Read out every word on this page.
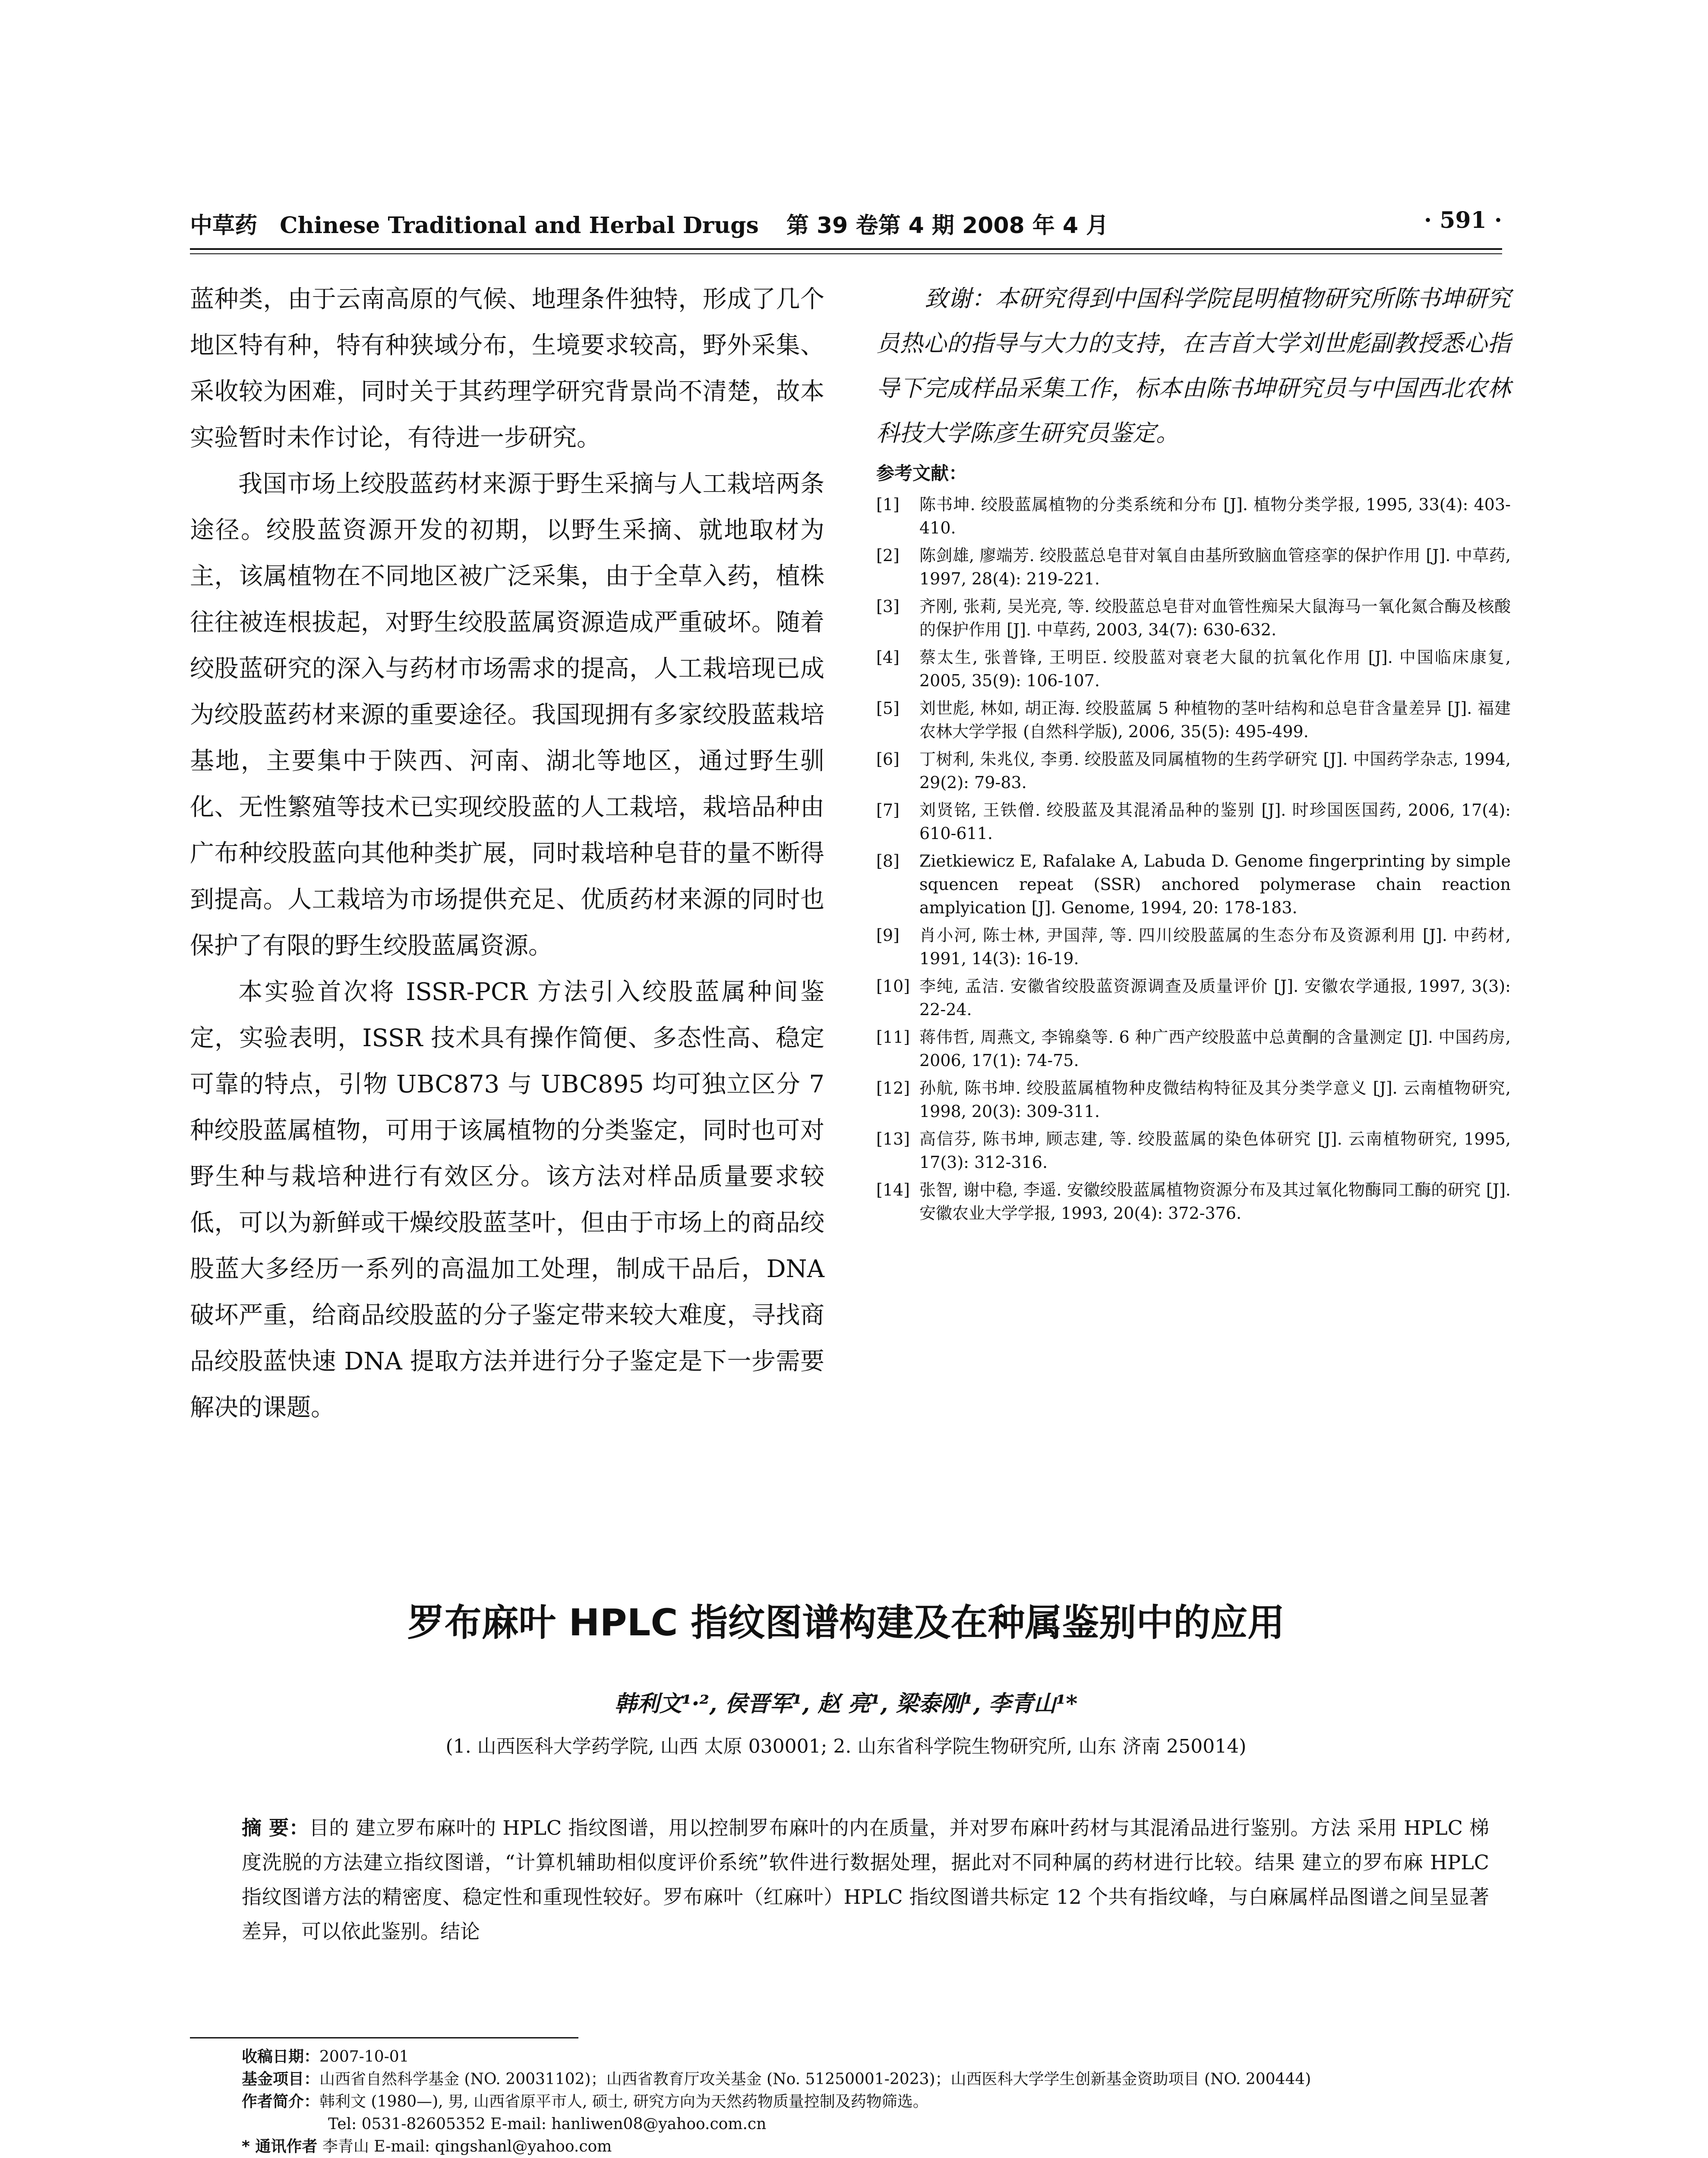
中草药 Chinese Traditional and Herbal Drugs 第 39 卷第 4 期 2008 年 4 月	· 591 ·

蓝种类，由于云南高原的气候、地理条件独特，形成了几个地区特有种，特有种狭域分布，生境要求较高，野外采集、采收较为困难，同时关于其药理学研究背景尚不清楚，故本实验暂时未作讨论，有待进一步研究。

我国市场上绞股蓝药材来源于野生采摘与人工栽培两条途径。绞股蓝资源开发的初期，以野生采摘、就地取材为主，该属植物在不同地区被广泛采集，由于全草入药，植株往往被连根拔起，对野生绞股蓝属资源造成严重破坏。随着绞股蓝研究的深入与药材市场需求的提高，人工栽培现已成为绞股蓝药材来源的重要途径。我国现拥有多家绞股蓝栽培基地，主要集中于陕西、河南、湖北等地区，通过野生驯化、无性繁殖等技术已实现绞股蓝的人工栽培，栽培品种由广布种绞股蓝向其他种类扩展，同时栽培种皂苷的量不断得到提高。人工栽培为市场提供充足、优质药材来源的同时也保护了有限的野生绞股蓝属资源。

本实验首次将 ISSR-PCR 方法引入绞股蓝属种间鉴定，实验表明，ISSR 技术具有操作简便、多态性高、稳定可靠的特点，引物 UBC873 与 UBC895 均可独立区分 7 种绞股蓝属植物，可用于该属植物的分类鉴定，同时也可对野生种与栽培种进行有效区分。该方法对样品质量要求较低，可以为新鲜或干燥绞股蓝茎叶，但由于市场上的商品绞股蓝大多经历一系列的高温加工处理，制成干品后，DNA 破坏严重，给商品绞股蓝的分子鉴定带来较大难度，寻找商品绞股蓝快速 DNA 提取方法并进行分子鉴定是下一步需要解决的课题。

致谢：本研究得到中国科学院昆明植物研究所陈书坤研究员热心的指导与大力的支持，在吉首大学刘世彪副教授悉心指导下完成样品采集工作，标本由陈书坤研究员与中国西北农林科技大学陈彦生研究员鉴定。

参考文献：
[1]	陈书坤. 绞股蓝属植物的分类系统和分布 [J]. 植物分类学报, 1995, 33(4): 403-410.
[2]	陈剑雄, 廖端芳. 绞股蓝总皂苷对氧自由基所致脑血管痉挛的保护作用 [J]. 中草药, 1997, 28(4): 219-221.
[3]	齐刚, 张莉, 吴光亮, 等. 绞股蓝总皂苷对血管性痴呆大鼠海马一氧化氮合酶及核酸的保护作用 [J]. 中草药, 2003, 34(7): 630-632.
[4]	蔡太生, 张普锋, 王明臣. 绞股蓝对衰老大鼠的抗氧化作用 [J]. 中国临床康复, 2005, 35(9): 106-107.
[5]	刘世彪, 林如, 胡正海. 绞股蓝属 5 种植物的茎叶结构和总皂苷含量差异 [J]. 福建农林大学学报 (自然科学版), 2006, 35(5): 495-499.
[6]	丁树利, 朱兆仪, 李勇. 绞股蓝及同属植物的生药学研究 [J]. 中国药学杂志, 1994, 29(2): 79-83.
[7]	刘贤铭, 王铁僧. 绞股蓝及其混淆品种的鉴别 [J]. 时珍国医国药, 2006, 17(4): 610-611.
[8]	Zietkiewicz E, Rafalake A, Labuda D. Genome fingerprinting by simple squencen repeat (SSR) anchored polymerase chain reaction amplyication [J]. Genome, 1994, 20: 178-183.
[9]	肖小河, 陈士林, 尹国萍, 等. 四川绞股蓝属的生态分布及资源利用 [J]. 中药材, 1991, 14(3): 16-19.
[10] 李纯, 孟洁. 安徽省绞股蓝资源调查及质量评价 [J]. 安徽农学通报, 1997, 3(3): 22-24.
[11] 蒋伟哲, 周燕文, 李锦燊等. 6 种广西产绞股蓝中总黄酮的含量测定 [J]. 中国药房, 2006, 17(1): 74-75.
[12] 孙航, 陈书坤. 绞股蓝属植物种皮微结构特征及其分类学意义 [J]. 云南植物研究, 1998, 20(3): 309-311.
[13] 高信芬, 陈书坤, 顾志建, 等. 绞股蓝属的染色体研究 [J]. 云南植物研究, 1995, 17(3): 312-316.
[14] 张智, 谢中稳, 李遥. 安徽绞股蓝属植物资源分布及其过氧化物酶同工酶的研究 [J]. 安徽农业大学学报, 1993, 20(4): 372-376.
罗布麻叶 HPLC 指纹图谱构建及在种属鉴别中的应用
韩利文¹·², 侯晋军¹, 赵 亮¹, 梁泰刚¹, 李青山¹*
(1. 山西医科大学药学院, 山西 太原 030001; 2. 山东省科学院生物研究所, 山东 济南 250014)

摘 要：目的 建立罗布麻叶的 HPLC 指纹图谱，用以控制罗布麻叶的内在质量，并对罗布麻叶药材与其混淆品进行鉴别。方法 采用 HPLC 梯度洗脱的方法建立指纹图谱，“计算机辅助相似度评价系统”软件进行数据处理，据此对不同种属的药材进行比较。结果 建立的罗布麻 HPLC 指纹图谱方法的精密度、稳定性和重现性较好。罗布麻叶（红麻叶）HPLC 指纹图谱共标定 12 个共有指纹峰，与白麻属样品图谱之间呈显著差异，可以依此鉴别。结论

收稿日期：2007-10-01

基金项目：山西省自然科学基金 (NO. 20031102)；山西省教育厅攻关基金 (No. 51250001-2023)；山西医科大学学生创新基金资助项目 (NO. 200444)

作者简介：韩利文 (1980—), 男, 山西省原平市人, 硕士, 研究方向为天然药物质量控制及药物筛选。

Tel: 0531-82605352 E-mail: hanliwen08@yahoo.com.cn

* 通讯作者 李青山 E-mail: qingshanl@yahoo.com
